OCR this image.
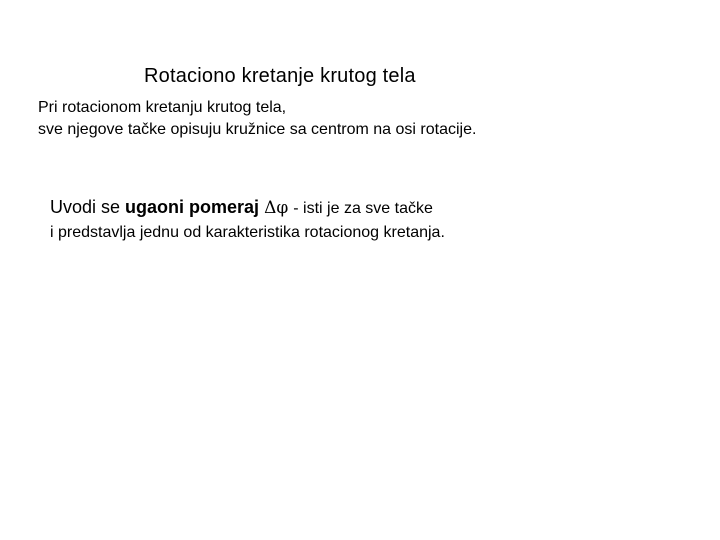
Rotaciono kretanje krutog tela
Pri rotacionom kretanju krutog tela,
sve njegove tačke opisuju kružnice sa centrom na osi rotacije.
Uvodi se ugaoni pomeraj Δφ - isti je za sve tačke
i predstavlja jednu od karakteristika rotacionog kretanja.
